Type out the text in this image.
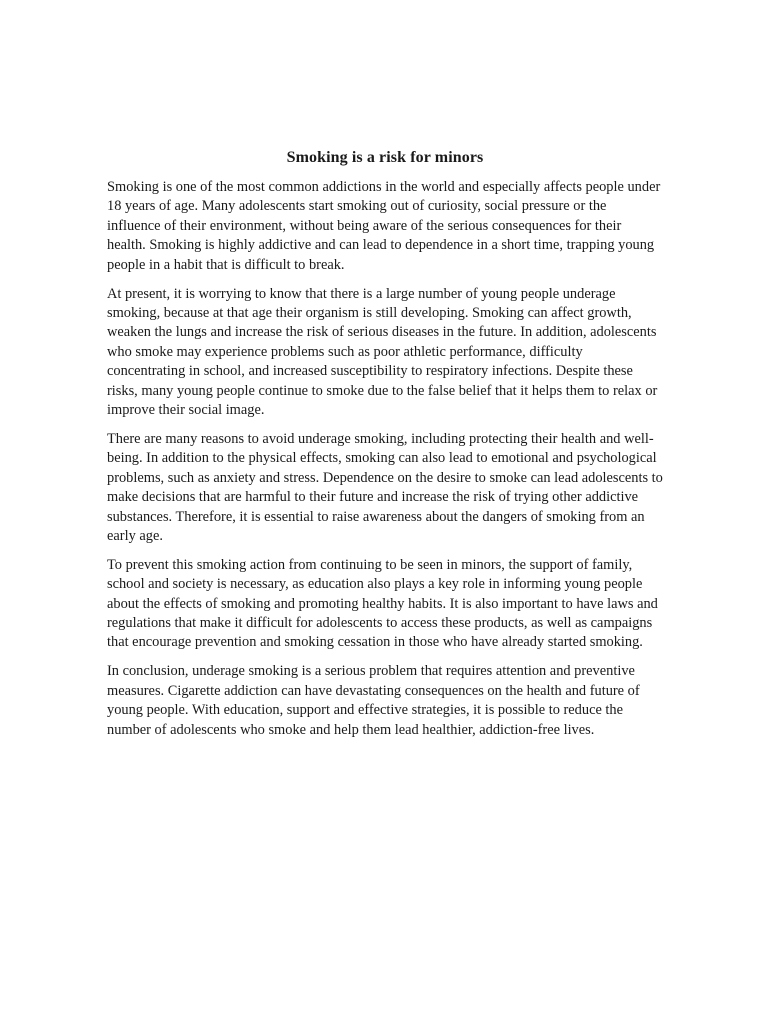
Smoking is a risk for minors

Smoking is one of the most common addictions in the world and especially affects people under 18 years of age. Many adolescents start smoking out of curiosity, social pressure or the influence of their environment, without being aware of the serious consequences for their health. Smoking is highly addictive and can lead to dependence in a short time, trapping young people in a habit that is difficult to break.

At present, it is worrying to know that there is a large number of young people underage smoking, because at that age their organism is still developing. Smoking can affect growth, weaken the lungs and increase the risk of serious diseases in the future. In addition, adolescents who smoke may experience problems such as poor athletic performance, difficulty concentrating in school, and increased susceptibility to respiratory infections. Despite these risks, many young people continue to smoke due to the false belief that it helps them to relax or improve their social image.

There are many reasons to avoid underage smoking, including protecting their health and well-being. In addition to the physical effects, smoking can also lead to emotional and psychological problems, such as anxiety and stress. Dependence on the desire to smoke can lead adolescents to make decisions that are harmful to their future and increase the risk of trying other addictive substances. Therefore, it is essential to raise awareness about the dangers of smoking from an early age.

To prevent this smoking action from continuing to be seen in minors, the support of family, school and society is necessary, as education also plays a key role in informing young people about the effects of smoking and promoting healthy habits. It is also important to have laws and regulations that make it difficult for adolescents to access these products, as well as campaigns that encourage prevention and smoking cessation in those who have already started smoking.

In conclusion, underage smoking is a serious problem that requires attention and preventive measures. Cigarette addiction can have devastating consequences on the health and future of young people. With education, support and effective strategies, it is possible to reduce the number of adolescents who smoke and help them lead healthier, addiction-free lives.
